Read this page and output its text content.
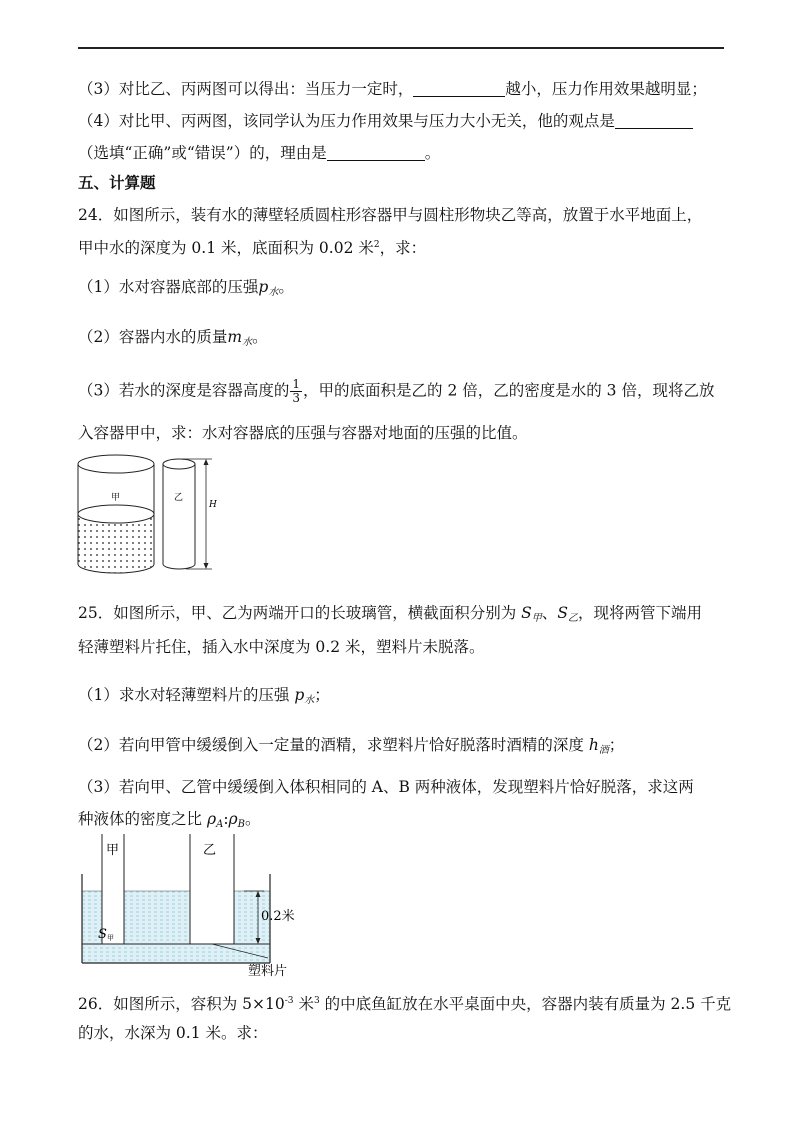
（3）对比乙、丙两图可以得出：当压力一定时，	越小，压力作用效果越明显；
（4）对比甲、丙两图，该同学认为压力作用效果与压力大小无关，他的观点是
（选填“正确”或“错误”）的，理由是	。
五、计算题
24．如图所示，装有水的薄壁轻质圆柱形容器甲与圆柱形物块乙等高，放置于水平地面上，
甲中水的深度为 0.1 米，底面积为 0.02 米$^2$，求：
（1）水对容器底部的压强$p_水$。
（2）容器内水的质量$m_水$。
（3）若水的深度是容器高度的 $\frac{1}{3}$ ，甲的底面积是乙的 2 倍，乙的密度是水的 3 倍，现将乙放
入容器甲中，求：水对容器底的压强与容器对地面的压强的比值。
甲	乙
H
25．如图所示，甲、乙为两端开口的长玻璃管，横截面积分别为 $S_甲$、$S_乙$，现将两管下端用
轻薄塑料片托住，插入水中深度为 0.2 米，塑料片未脱落。
（1）求水对轻薄塑料片的压强 $p_水$；
（2）若向甲管中缓缓倒入一定量的酒精，求塑料片恰好脱落时酒精的深度 $h_酒$；
（3）若向甲、乙管中缓缓倒入体积相同的 A、B 两种液体，发现塑料片恰好脱落，求这两
种液体的密度之比 $\rho_A:\rho_B$。
甲	乙
S 甲
0.2米
塑料片
26．如图所示，容积为 $5\times 10^{-3}$ 米$^3$ 的中底鱼缸放在水平桌面中央，容器内装有质量为 2.5 千克
的水，水深为 0.1 米。求：
